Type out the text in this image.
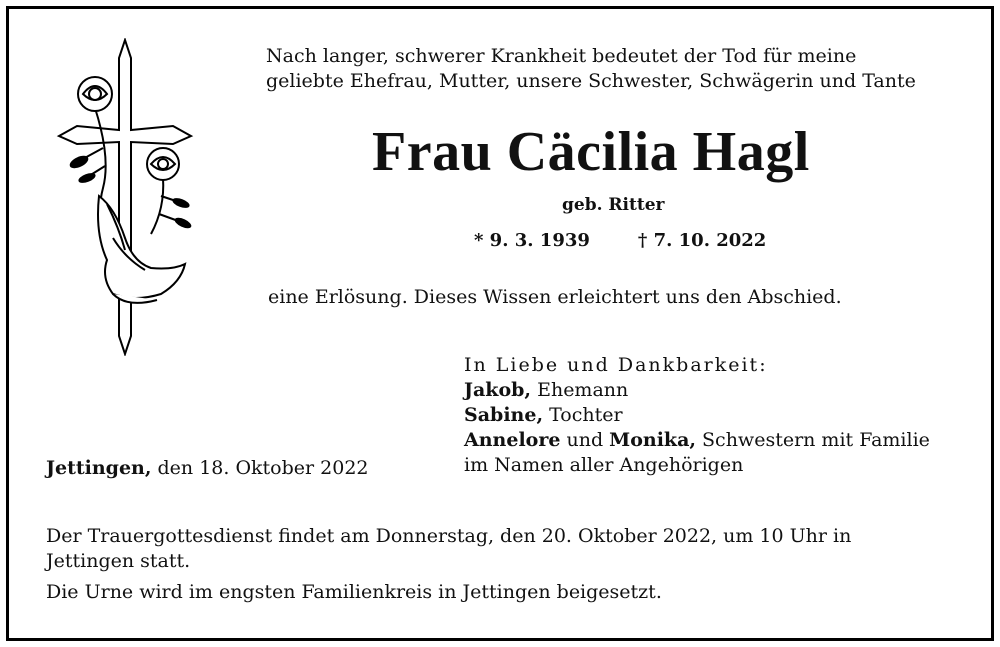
Nach langer, schwerer Krankheit bedeutet der Tod für meine
geliebte Ehefrau, Mutter, unsere Schwester, Schwägerin und Tante
Frau Cäcilia Hagl
geb. Ritter
* 9. 3. 1939	† 7. 10. 2022
eine Erlösung. Dieses Wissen erleichtert uns den Abschied.
In Liebe und Dankbarkeit:
Jakob, Ehemann
Sabine, Tochter
Annelore und Monika, Schwestern mit Familie
im Namen aller Angehörigen
Jettingen, den 18. Oktober 2022
Der Trauergottesdienst findet am Donnerstag, den 20. Oktober 2022, um 10 Uhr in
Jettingen statt.
Die Urne wird im engsten Familienkreis in Jettingen beigesetzt.
